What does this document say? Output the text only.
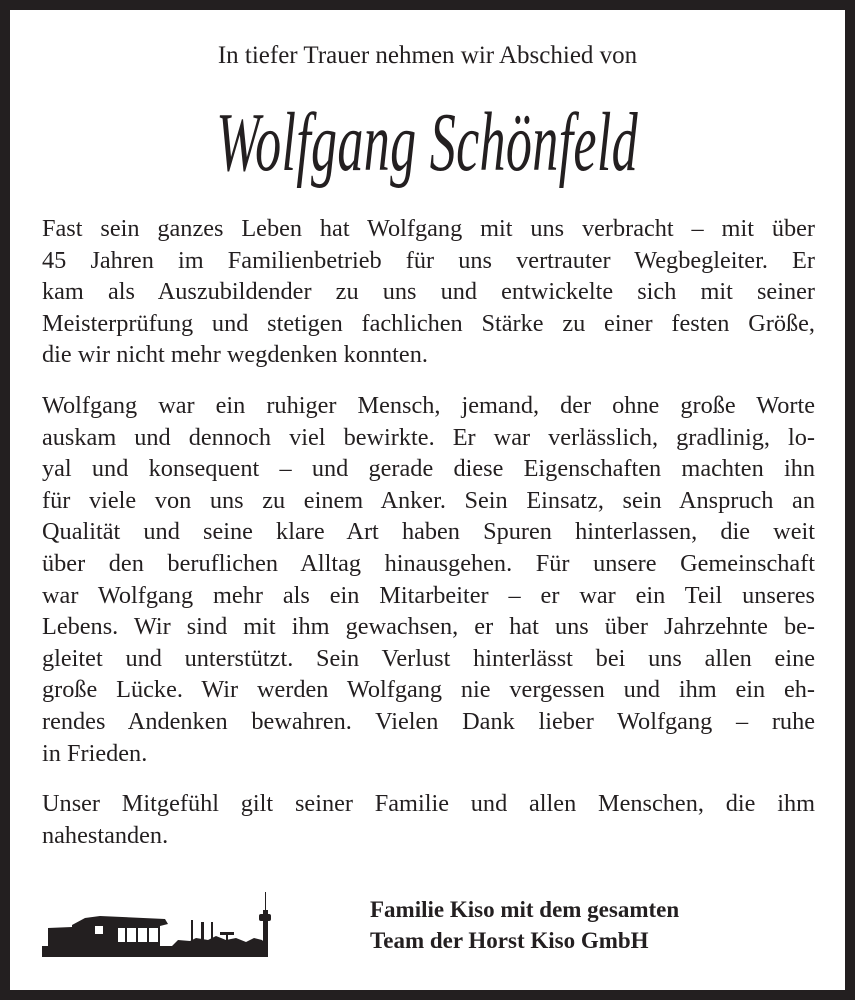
In tiefer Trauer nehmen wir Abschied von
Wolfgang Schönfeld
Fast sein ganzes Leben hat Wolfgang mit uns verbracht – mit über
45 Jahren im Familienbetrieb für uns vertrauter Wegbegleiter. Er
kam als Auszubildender zu uns und entwickelte sich mit seiner
Meisterprüfung und stetigen fachlichen Stärke zu einer festen Größe,
die wir nicht mehr wegdenken konnten.
Wolfgang war ein ruhiger Mensch, jemand, der ohne große Worte
auskam und dennoch viel bewirkte. Er war verlässlich, gradlinig, lo-
yal und konsequent – und gerade diese Eigenschaften machten ihn
für viele von uns zu einem Anker. Sein Einsatz, sein Anspruch an
Qualität und seine klare Art haben Spuren hinterlassen, die weit
über den beruflichen Alltag hinausgehen. Für unsere Gemeinschaft
war Wolfgang mehr als ein Mitarbeiter – er war ein Teil unseres
Lebens. Wir sind mit ihm gewachsen, er hat uns über Jahrzehnte be-
gleitet und unterstützt. Sein Verlust hinterlässt bei uns allen eine
große Lücke. Wir werden Wolfgang nie vergessen und ihm ein eh-
rendes Andenken bewahren. Vielen Dank lieber Wolfgang – ruhe
in Frieden.
Unser Mitgefühl gilt seiner Familie und allen Menschen, die ihm
nahestanden.
Familie Kiso mit dem gesamten
Team der Horst Kiso GmbH
